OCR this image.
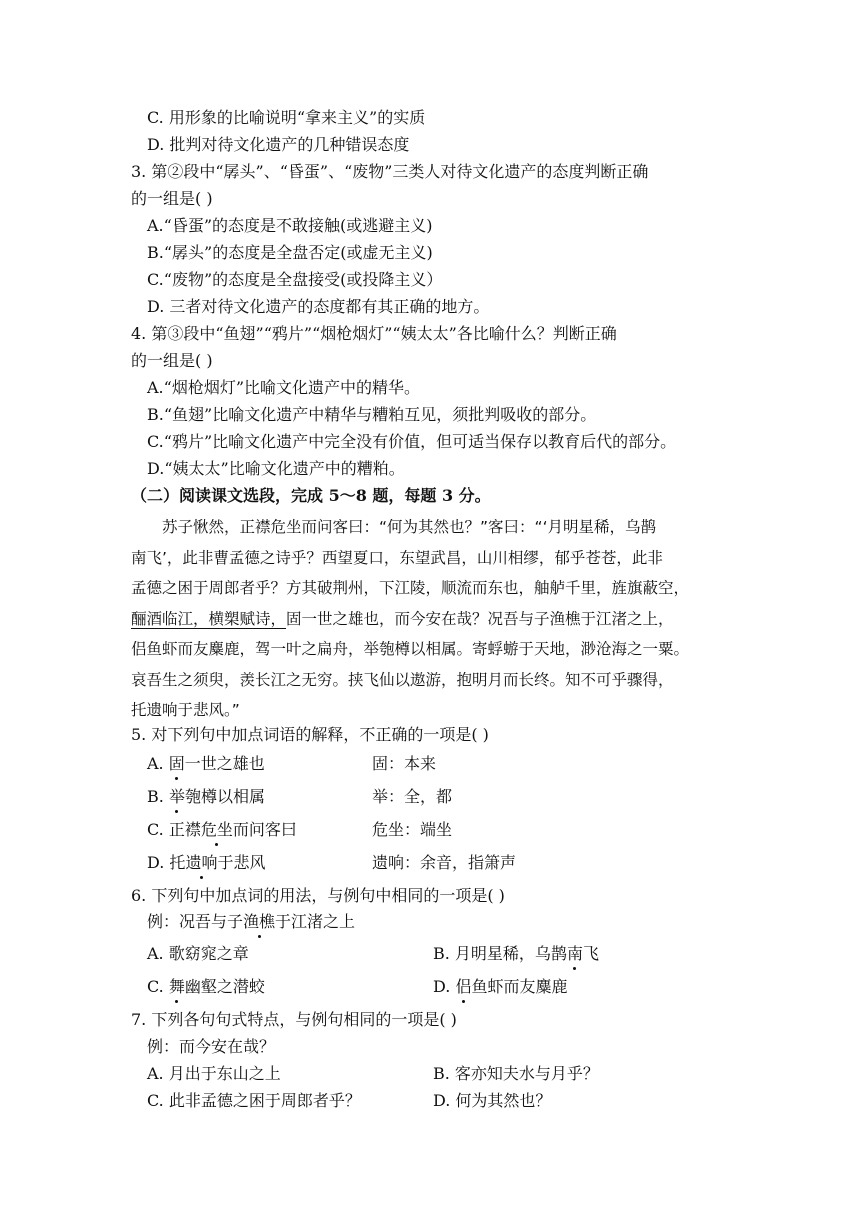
C. 用形象的比喻说明“拿来主义”的实质
D. 批判对待文化遗产的几种错误态度
3. 第②段中“孱头”、“昏蛋”、“废物”三类人对待文化遗产的态度判断正确
的一组是( )
A.“昏蛋”的态度是不敢接触(或逃避主义)
B.“孱头”的态度是全盘否定(或虚无主义)
C.“废物”的态度是全盘接受(或投降主义）
D. 三者对待文化遗产的态度都有其正确的地方。
4. 第③段中“鱼翅”“鸦片”“烟枪烟灯”“姨太太”各比喻什么？判断正确
的一组是( )
A.“烟枪烟灯”比喻文化遗产中的精华。
B.“鱼翅”比喻文化遗产中精华与糟粕互见，须批判吸收的部分。
C.“鸦片”比喻文化遗产中完全没有价值，但可适当保存以教育后代的部分。
D.“姨太太”比喻文化遗产中的糟粕。
（二）阅读课文选段，完成 5～8 题，每题 3 分。
苏子愀然，正襟危坐而问客曰：“何为其然也？”客曰：“‘月明星稀，乌鹊
南飞’，此非曹孟德之诗乎？西望夏口，东望武昌，山川相缪，郁乎苍苍，此非
孟德之困于周郎者乎？方其破荆州，下江陵，顺流而东也，舳舻千里，旌旗蔽空，
酾酒临江，横槊赋诗，固一世之雄也，而今安在哉？况吾与子渔樵于江渚之上，
侣鱼虾而友麋鹿，驾一叶之扁舟，举匏樽以相属。寄蜉蝣于天地，渺沧海之一粟。
哀吾生之须臾，羡长江之无穷。挟飞仙以遨游，抱明月而长终。知不可乎骤得，
托遗响于悲风。”
5. 对下列句中加点词语的解释，不正确的一项是( )
A. 固一世之雄也	固：本来
B. 举匏樽以相属	举：全，都
C. 正襟危坐而问客曰	危坐：端坐
D. 托遗响于悲风	遗响：余音，指箫声
6. 下列句中加点词的用法，与例句中相同的一项是( )
例：况吾与子渔樵于江渚之上
A. 歌窈窕之章	B. 月明星稀，乌鹊南飞
C. 舞幽壑之潜蛟	D. 侣鱼虾而友麋鹿
7. 下列各句句式特点，与例句相同的一项是( )
例：而今安在哉？
A. 月出于东山之上	B. 客亦知夫水与月乎？
C. 此非孟德之困于周郎者乎？	D. 何为其然也？
